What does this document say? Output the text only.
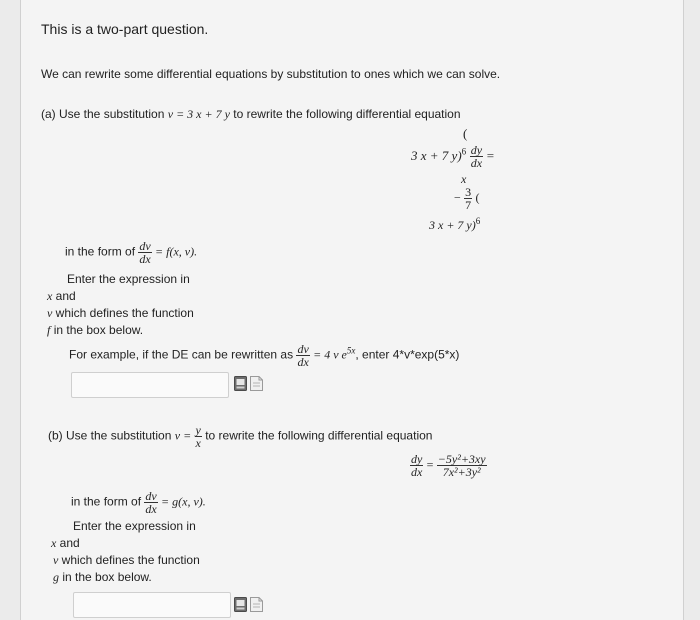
This is a two-part question.
We can rewrite some differential equations by substitution to ones which we can solve.
(a) Use the substitution v = 3 x + 7 y to rewrite the following differential equation
(
3 x + 7 $y)^6 \frac{dy}{dx}$ =
x
− $\frac{3}{7}$ (
3 x + 7 y)$^6$
in the form of $\frac{dv}{dx} = f(x$, v).
Enter the expression in
x and
v which defines the function
f in the box below.
For example, if the DE can be rewritten as $\frac{dv}{dx} = 4$ v $e^{5x}$, enter 4*v*exp(5*x)
(b) Use the substitution $v = \frac{y}{x}$ to rewrite the following differential equation
$\frac{dy}{dx} = \frac{\text{−5y²+3xy}}{\text{7x²+3y²}}$
in the form of $\frac{dv}{dx} = g(x$, v).
Enter the expression in
x and
v which defines the function
g in the box below.
